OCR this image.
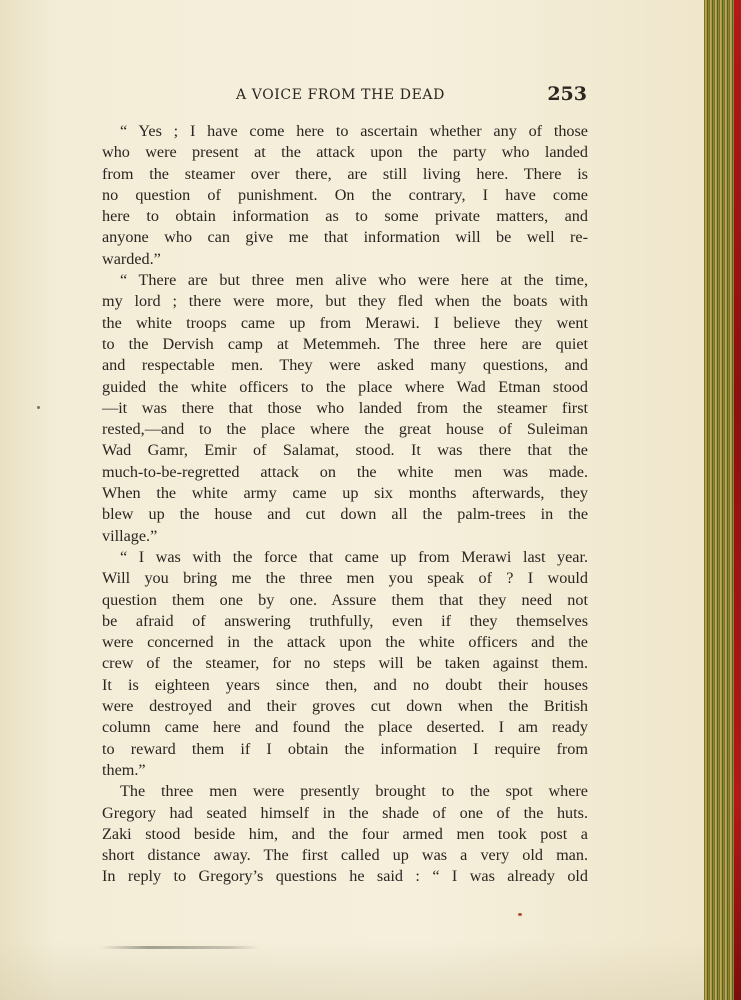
A VOICE FROM THE DEAD	253
“ Yes ; I have come here to ascertain whether any of those
who were present at the attack upon the party who landed
from the steamer over there, are still living here. There is
no question of punishment. On the contrary, I have come
here to obtain information as to some private matters, and
anyone who can give me that information will be well re-
warded.”
“ There are but three men alive who were here at the time,
my lord ; there were more, but they fled when the boats with
the white troops came up from Merawi. I believe they went
to the Dervish camp at Metemmeh. The three here are quiet
and respectable men. They were asked many questions, and
guided the white officers to the place where Wad Etman stood
—it was there that those who landed from the steamer first
rested,—and to the place where the great house of Suleiman
Wad Gamr, Emir of Salamat, stood. It was there that the
much-to-be-regretted attack on the white men was made.
When the white army came up six months afterwards, they
blew up the house and cut down all the palm-trees in the
village.”
“ I was with the force that came up from Merawi last year.
Will you bring me the three men you speak of ? I would
question them one by one. Assure them that they need not
be afraid of answering truthfully, even if they themselves
were concerned in the attack upon the white officers and the
crew of the steamer, for no steps will be taken against them.
It is eighteen years since then, and no doubt their houses
were destroyed and their groves cut down when the British
column came here and found the place deserted. I am ready
to reward them if I obtain the information I require from
them.”
The three men were presently brought to the spot where
Gregory had seated himself in the shade of one of the huts.
Zaki stood beside him, and the four armed men took post a
short distance away. The first called up was a very old man.
In reply to Gregory’s questions he said : “ I was already old
